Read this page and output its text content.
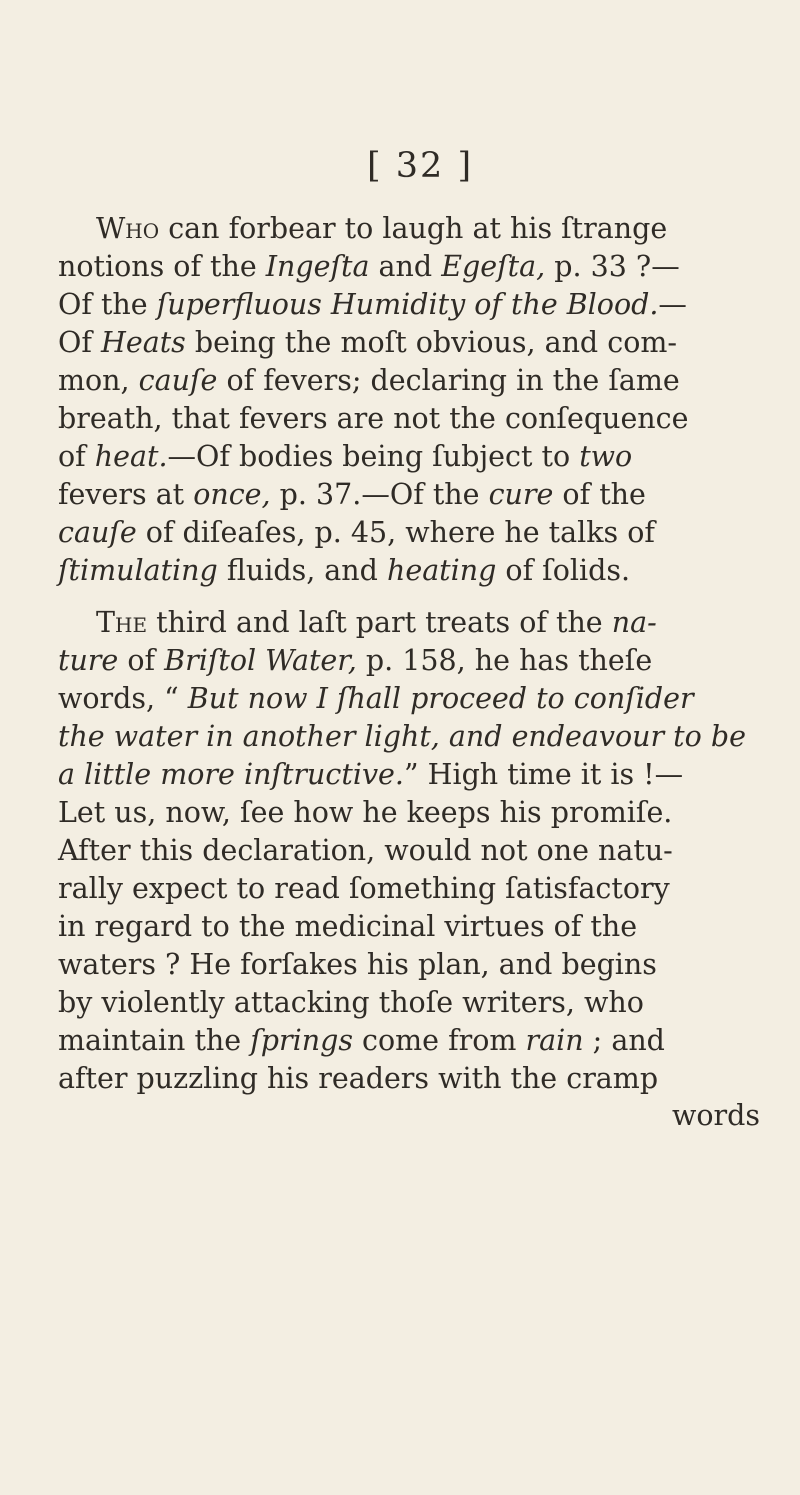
[ 32 ]
Who can forbear to laugh at his ſtrange
notions of the Ingeſta and Egeſta, p. 33 ?—
Of the ſuperfluous Humidity of the Blood.—
Of Heats being the moſt obvious, and com-
mon, cauſe of fevers; declaring in the ſame
breath, that fevers are not the conſequence
of heat.—Of bodies being ſubject to two
fevers at once, p. 37.—Of the cure of the
cauſe of diſeaſes, p. 45, where he talks of
ſtimulating fluids, and heating of ſolids.
The third and laſt part treats of the na-
ture of Briſtol Water, p. 158, he has theſe
words, “ But now I ſhall proceed to conſider
the water in another light, and endeavour to be
a little more inſtructive.” High time it is !—
Let us, now, ſee how he keeps his promiſe.
After this declaration, would not one natu-
rally expect to read ſomething ſatisfactory
in regard to the medicinal virtues of the
waters ? He forſakes his plan, and begins
by violently attacking thoſe writers, who
maintain the ſprings come from rain ; and
after puzzling his readers with the cramp
words
